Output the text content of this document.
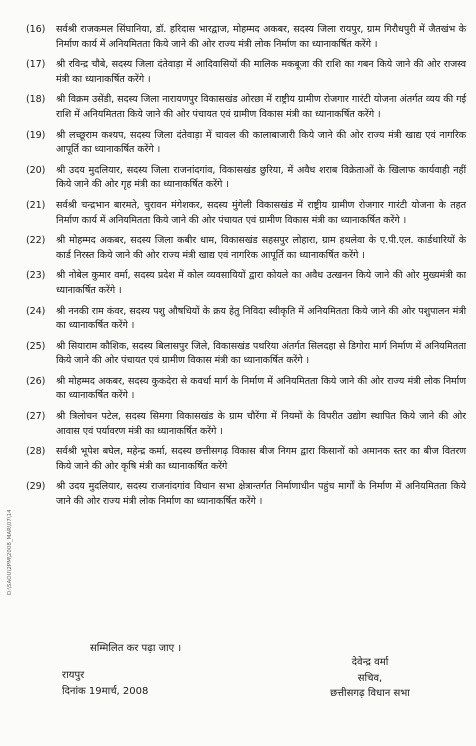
(16)	सर्वश्री राजकमल सिंघानिया, डॉ. हरिदास भारद्वाज, मोहम्मद अकबर, सदस्य जिला रायपुर, ग्राम गिरौधपुरी में जैतखंभ के निर्माण कार्य में अनियमितता किये जाने की ओर राज्य मंत्री लोक निर्माण का ध्यानाकर्षित करेंगे ।
(17)	श्री रविन्द्र चौबे, सदस्य जिला दंतेवाड़ा में आदिवासियों की मालिक मकबूजा की राशि का गबन किये जाने की ओर राजस्व मंत्री का ध्यानाकर्षित करेंगे ।
(18)	श्री विक्रम उसेंडी, सदस्य जिला नारायणपुर विकासखंड ओरछा में राष्ट्रीय ग्रामीण रोजगार गारंटी योजना अंतर्गत व्यय की गई राशि में अनियमितता किये जाने की ओर पंचायत एवं ग्रामीण विकास मंत्री का ध्यानाकर्षित करेंगे ।
(19)	श्री लच्छूराम कश्यप, सदस्य जिला दंतेवाड़ा में चावल की कालाबाजारी किये जाने की ओर राज्य मंत्री खाद्य एवं नागरिक आपूर्ति का ध्यानाकर्षित करेंगे ।
(20)	श्री उदय मुदलियार, सदस्य जिला राजनांदगांव, विकासखंड छुरिया, में अवैध शराब विक्रेताओं के खिलाफ कार्यवाही नहीं किये जाने की ओर गृह मंत्री का ध्यानाकर्षित करेंगे ।
(21)	सर्वश्री चन्द्रभान बारमते, चुरावन मंगेशकर, सदस्य मुंगेली विकासखंड में राष्ट्रीय ग्रामीण रोजगार गारंटी योजना के तहत निर्माण कार्य में अनियमितता किये जाने की ओर पंचायत एवं ग्रामीण विकास मंत्री का ध्यानाकर्षित करेंगे ।
(22)	श्री मोहम्मद अकबर, सदस्य जिला कबीर धाम, विकासखंड सहसपुर लोहारा, ग्राम हथलेवा के ए.पी.एल. कार्डधारियों के कार्ड निरस्त किये जाने की ओर राज्य मंत्री खाद्य एवं नागरिक आपूर्ति का ध्यानाकर्षित करेंगे ।
(23)	श्री नोबेल कुमार वर्मा, सदस्य प्रदेश में कोल व्यवसायियों द्वारा कोयले का अवैध उत्खनन किये जाने की ओर मुख्यमंत्री का ध्यानाकर्षित करेंगे ।
(24)	श्री ननकी राम कंवर, सदस्य पशु औषधियों के क्रय हेतु निविदा स्वीकृति में अनियमितता किये जाने की ओर पशुपालन मंत्री का ध्यानाकर्षित करेंगे ।
(25)	श्री सियाराम कौशिक, सदस्य बिलासपुर जिले, विकासखंड पथरिया अंतर्गत सिलदहा से डिगोरा मार्ग निर्माण में अनियमितता किये जाने की ओर पंचायत एवं ग्रामीण विकास मंत्री का ध्यानाकर्षित करेंगे ।
(26)	श्री मोहम्मद अकबर, सदस्य कुकदेरा से कवर्धा मार्ग के निर्माण में अनियमितता किये जाने की ओर राज्य मंत्री लोक निर्माण का ध्यानाकर्षित करेंगे ।
(27)	श्री त्रिलोचन पटेल, सदस्य सिमगा विकासखंड के ग्राम चौरेंगा में नियमों के विपरीत उद्योग स्थापित किये जाने की ओर आवास एवं पर्यावरण मंत्री का ध्यानाकर्षित करेंगे ।
(28)	सर्वश्री भूपेश बघेल, महेन्द्र कर्मा, सदस्य छत्तीसगढ़ विकास बीज निगम द्वारा किसानों को अमानक स्तर का बीज वितरण किये जाने की ओर कृषि मंत्री का ध्यानाकर्षित करेंगे
(29)	श्री उदय मुदलियार, सदस्य राजनांदगांव विधान सभा क्षेत्रान्तर्गत निर्माणाधीन पहुंच मार्गों के निर्माण में अनियमितता किये जाने की ओर राज्य मंत्री लोक निर्माण का ध्यानाकर्षित करेंगे ।
सम्मिलित कर पढ़ा जाए ।
D:\SAOU\2PM\2008_MAR\07\14
रायपुर
दिनांक 19मार्च, 2008
देवेन्द्र वर्मा
सचिव,
छत्तीसगढ़ विधान सभा
